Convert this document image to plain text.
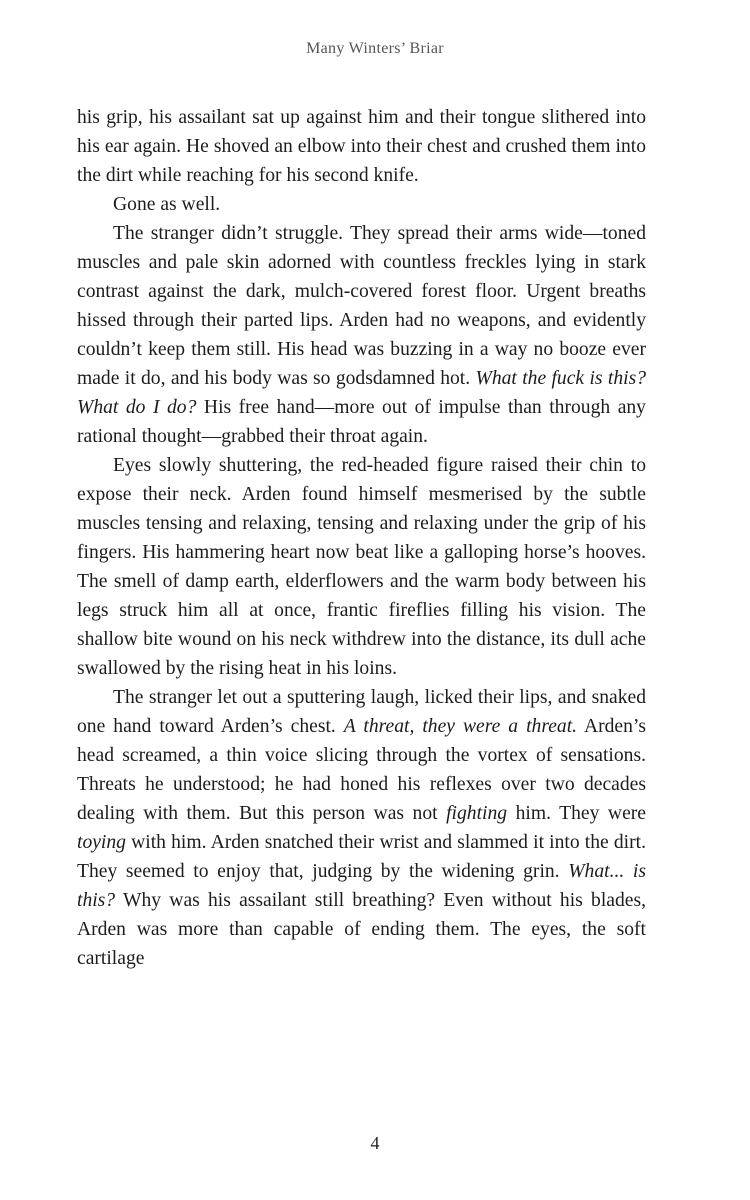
Many Winters’ Briar

his grip, his assailant sat up against him and their tongue slithered into his ear again. He shoved an elbow into their chest and crushed them into the dirt while reaching for his second knife.

Gone as well.

The stranger didn’t struggle. They spread their arms wide—toned muscles and pale skin adorned with countless freckles lying in stark contrast against the dark, mulch-covered forest floor. Urgent breaths hissed through their parted lips. Arden had no weapons, and evidently couldn’t keep them still. His head was buzzing in a way no booze ever made it do, and his body was so godsdamned hot. What the fuck is this? What do I do? His free hand—more out of impulse than through any rational thought—grabbed their throat again.

Eyes slowly shuttering, the red-headed figure raised their chin to expose their neck. Arden found himself mesmerised by the subtle muscles tensing and relaxing, tensing and relaxing under the grip of his fingers. His hammering heart now beat like a galloping horse’s hooves. The smell of damp earth, elderflowers and the warm body between his legs struck him all at once, frantic fireflies filling his vision. The shallow bite wound on his neck withdrew into the distance, its dull ache swallowed by the rising heat in his loins.

The stranger let out a sputtering laugh, licked their lips, and snaked one hand toward Arden’s chest. A threat, they were a threat. Arden’s head screamed, a thin voice slicing through the vortex of sensations. Threats he understood; he had honed his reflexes over two decades dealing with them. But this person was not fighting him. They were toying with him. Arden snatched their wrist and slammed it into the dirt. They seemed to enjoy that, judging by the widening grin. What... is this? Why was his assailant still breathing? Even without his blades, Arden was more than capable of ending them. The eyes, the soft cartilage

4
